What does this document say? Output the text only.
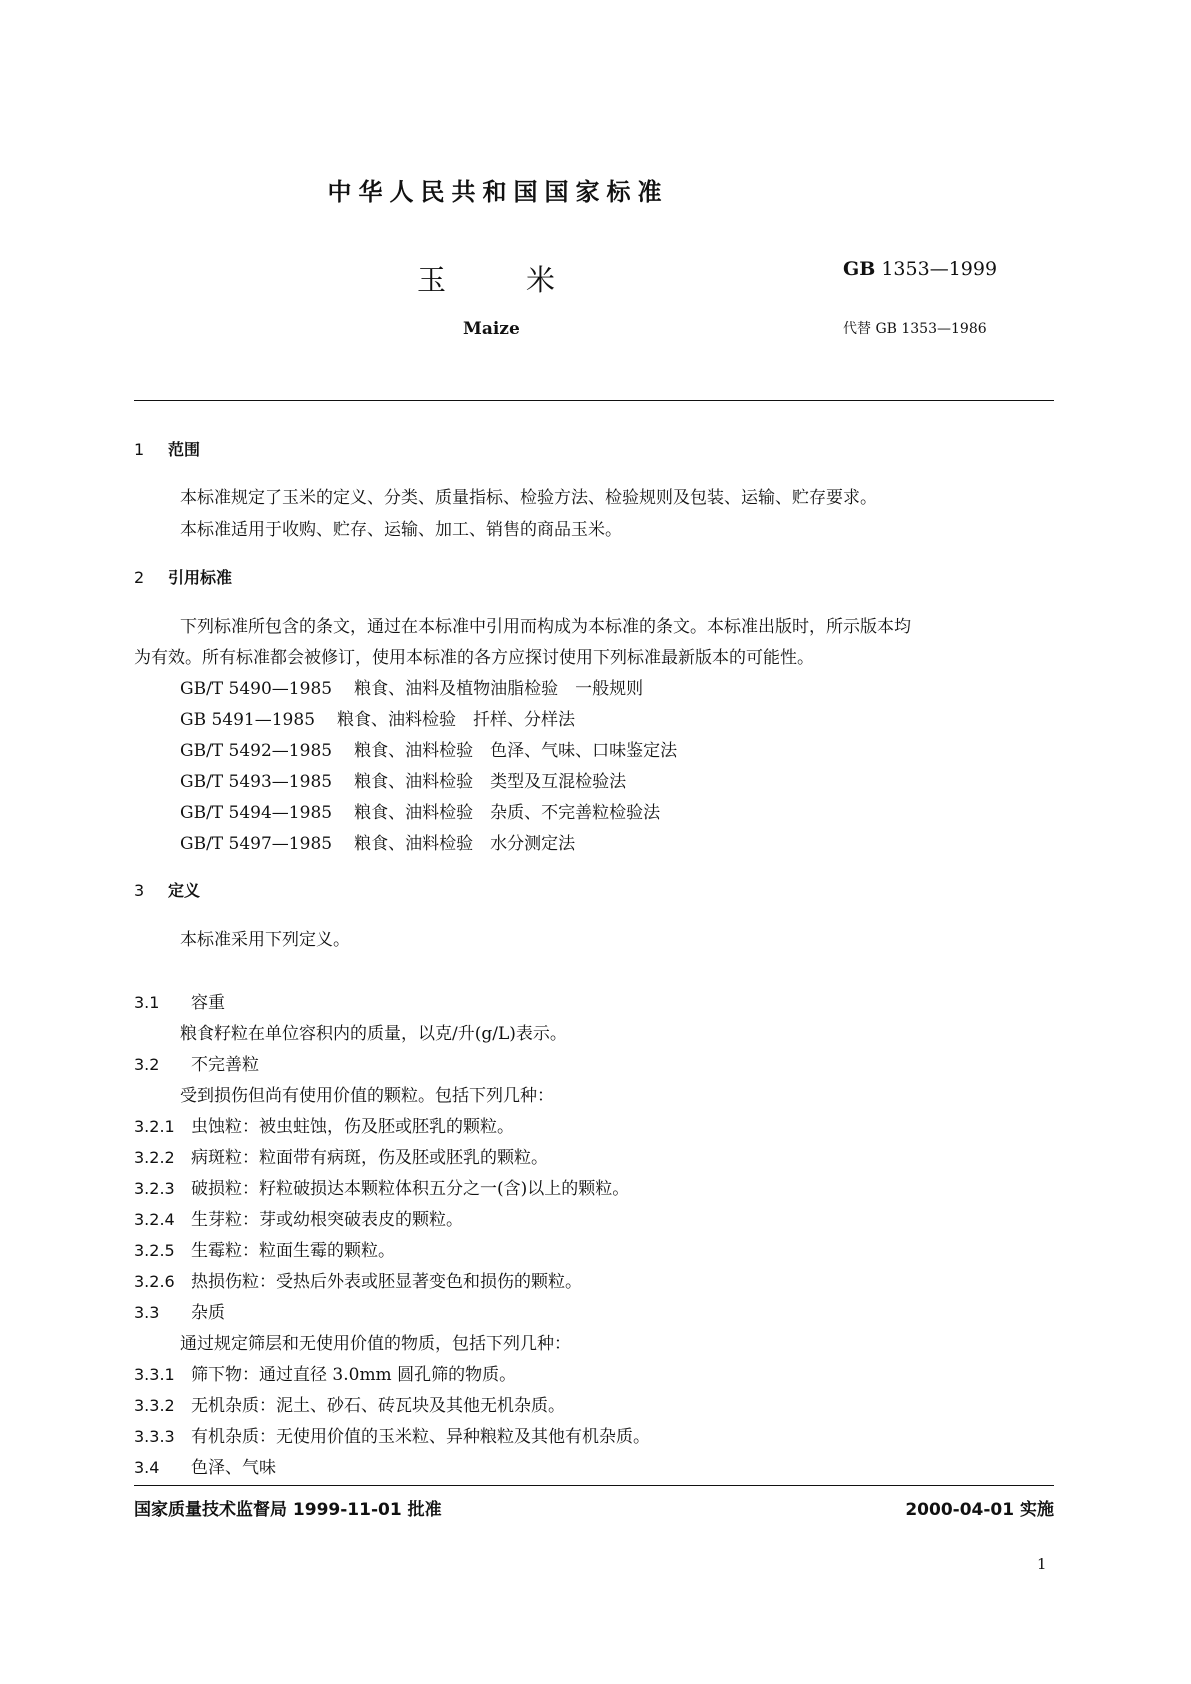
中华人民共和国国家标准
玉米
Maize
GB 1353—1999
代替 GB 1353—1986
1 范围
本标准规定了玉米的定义、分类、质量指标、检验方法、检验规则及包装、运输、贮存要求。
本标准适用于收购、贮存、运输、加工、销售的商品玉米。
2 引用标准
下列标准所包含的条文，通过在本标准中引用而构成为本标准的条文。本标准出版时，所示版本均
为有效。所有标准都会被修订，使用本标准的各方应探讨使用下列标准最新版本的可能性。
GB/T 5490—1985 粮食、油料及植物油脂检验　一般规则
GB 5491—1985 粮食、油料检验　扦样、分样法
GB/T 5492—1985 粮食、油料检验　色泽、气味、口味鉴定法
GB/T 5493—1985 粮食、油料检验　类型及互混检验法
GB/T 5494—1985 粮食、油料检验　杂质、不完善粒检验法
GB/T 5497—1985 粮食、油料检验　水分测定法
3 定义
本标准采用下列定义。
3.1 容重
粮食籽粒在单位容积内的质量，以克/升(g/L)表示。
3.2 不完善粒
受到损伤但尚有使用价值的颗粒。包括下列几种：
3.2.1 虫蚀粒：被虫蛀蚀，伤及胚或胚乳的颗粒。
3.2.2 病斑粒：粒面带有病斑，伤及胚或胚乳的颗粒。
3.2.3 破损粒：籽粒破损达本颗粒体积五分之一(含)以上的颗粒。
3.2.4 生芽粒：芽或幼根突破表皮的颗粒。
3.2.5 生霉粒：粒面生霉的颗粒。
3.2.6 热损伤粒：受热后外表或胚显著变色和损伤的颗粒。
3.3 杂质
通过规定筛层和无使用价值的物质，包括下列几种：
3.3.1 筛下物：通过直径 3.0mm 圆孔筛的物质。
3.3.2 无机杂质：泥土、砂石、砖瓦块及其他无机杂质。
3.3.3 有机杂质：无使用价值的玉米粒、异种粮粒及其他有机杂质。
3.4 色泽、气味
国家质量技术监督局 1999-11-01 批准	2000-04-01 实施
1
